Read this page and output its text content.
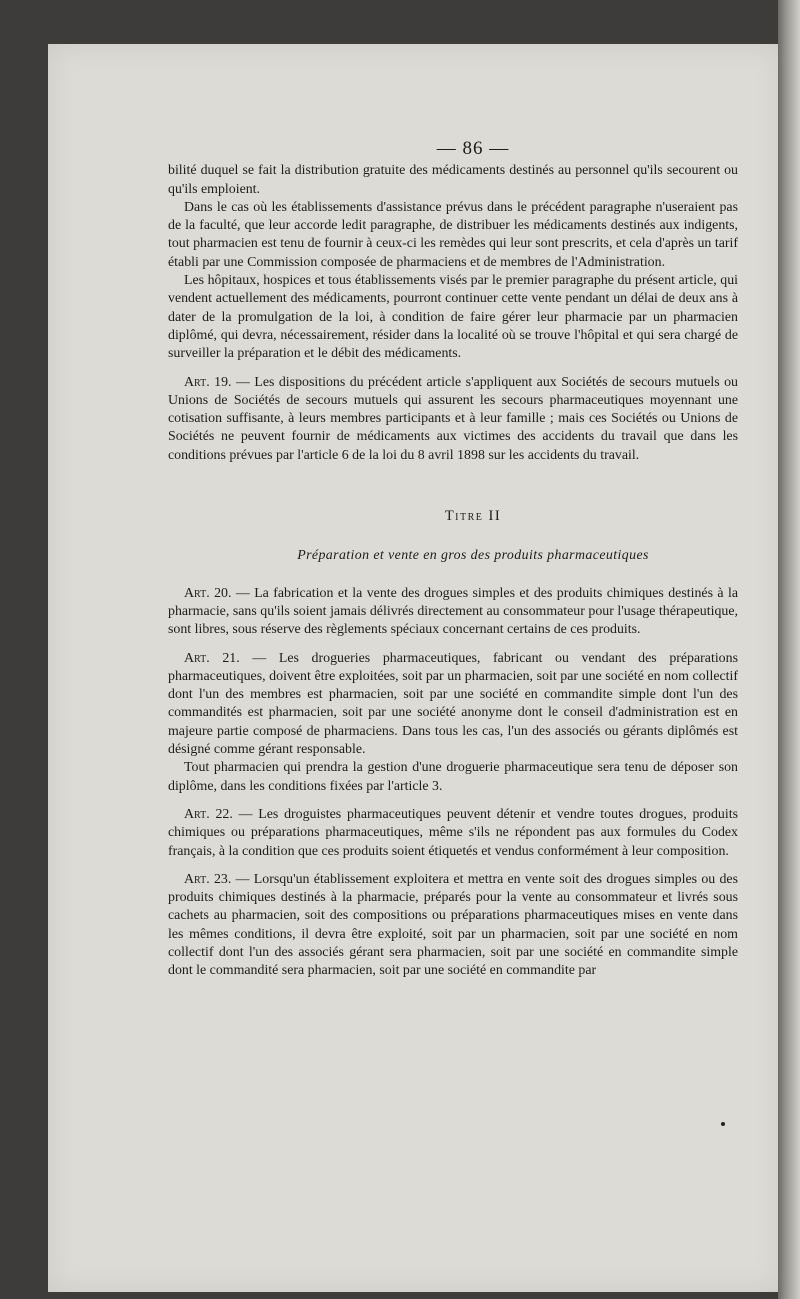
— 86 —

bilité duquel se fait la distribution gratuite des médicaments destinés au personnel qu'ils secourent ou qu'ils emploient.

Dans le cas où les établissements d'assistance prévus dans le précédent paragraphe n'useraient pas de la faculté, que leur accorde ledit paragraphe, de distribuer les médicaments destinés aux indigents, tout pharmacien est tenu de fournir à ceux-ci les remèdes qui leur sont prescrits, et cela d'après un tarif établi par une Commission composée de pharmaciens et de membres de l'Administration.

Les hôpitaux, hospices et tous établissements visés par le premier paragraphe du présent article, qui vendent actuellement des médicaments, pourront continuer cette vente pendant un délai de deux ans à dater de la promulgation de la loi, à condition de faire gérer leur pharmacie par un pharmacien diplômé, qui devra, nécessairement, résider dans la localité où se trouve l'hôpital et qui sera chargé de surveiller la préparation et le débit des médicaments.

Art. 19. — Les dispositions du précédent article s'appliquent aux Sociétés de secours mutuels ou Unions de Sociétés de secours mutuels qui assurent les secours pharmaceutiques moyennant une cotisation suffisante, à leurs membres participants et à leur famille ; mais ces Sociétés ou Unions de Sociétés ne peuvent fournir de médicaments aux victimes des accidents du travail que dans les conditions prévues par l'article 6 de la loi du 8 avril 1898 sur les accidents du travail.

Titre II
Préparation et vente en gros des produits pharmaceutiques

Art. 20. — La fabrication et la vente des drogues simples et des produits chimiques destinés à la pharmacie, sans qu'ils soient jamais délivrés directement au consommateur pour l'usage thérapeutique, sont libres, sous réserve des règlements spéciaux concernant certains de ces produits.

Art. 21. — Les drogueries pharmaceutiques, fabricant ou vendant des préparations pharmaceutiques, doivent être exploitées, soit par un pharmacien, soit par une société en nom collectif dont l'un des membres est pharmacien, soit par une société en commandite simple dont l'un des commandités est pharmacien, soit par une société anonyme dont le conseil d'administration est en majeure partie composé de pharmaciens. Dans tous les cas, l'un des associés ou gérants diplômés est désigné comme gérant responsable.

Tout pharmacien qui prendra la gestion d'une droguerie pharmaceutique sera tenu de déposer son diplôme, dans les conditions fixées par l'article 3.

Art. 22. — Les droguistes pharmaceutiques peuvent détenir et vendre toutes drogues, produits chimiques ou préparations pharmaceutiques, même s'ils ne répondent pas aux formules du Codex français, à la condition que ces produits soient étiquetés et vendus conformément à leur composition.

Art. 23. — Lorsqu'un établissement exploitera et mettra en vente soit des drogues simples ou des produits chimiques destinés à la pharmacie, préparés pour la vente au consommateur et livrés sous cachets au pharmacien, soit des compositions ou préparations pharmaceutiques mises en vente dans les mêmes conditions, il devra être exploité, soit par un pharmacien, soit par une société en nom collectif dont l'un des associés gérant sera pharmacien, soit par une société en commandite simple dont le commandité sera pharmacien, soit par une société en commandite par
